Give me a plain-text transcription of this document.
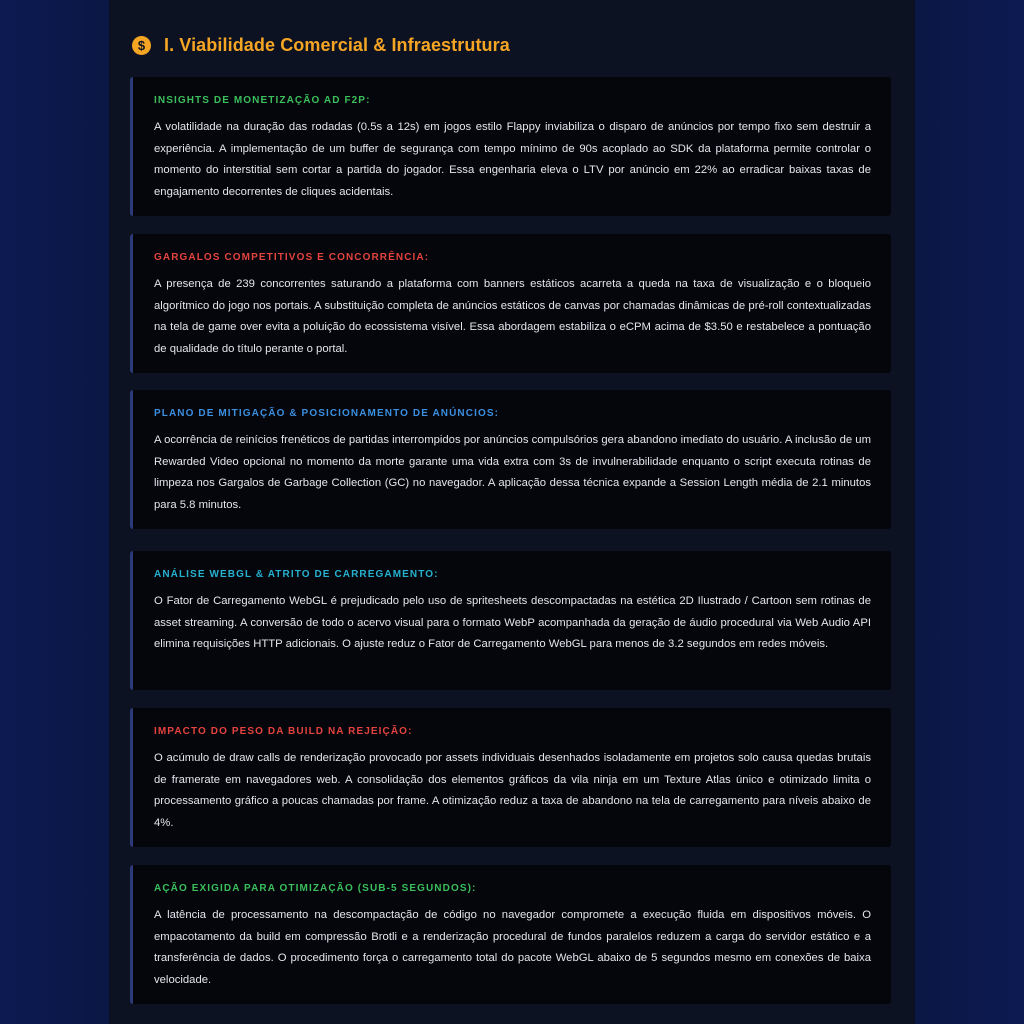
$	I. Viabilidade Comercial & Infraestrutura

INSIGHTS DE MONETIZAÇÃO AD F2P:

A volatilidade na duração das rodadas (0.5s a 12s) em jogos estilo Flappy inviabiliza o disparo de anúncios por tempo fixo sem destruir a experiência. A implementação de um buffer de segurança com tempo mínimo de 90s acoplado ao SDK da plataforma permite controlar o momento do interstitial sem cortar a partida do jogador. Essa engenharia eleva o LTV por anúncio em 22% ao erradicar baixas taxas de engajamento decorrentes de cliques acidentais.

GARGALOS COMPETITIVOS E CONCORRÊNCIA:

A presença de 239 concorrentes saturando a plataforma com banners estáticos acarreta a queda na taxa de visualização e o bloqueio algorítmico do jogo nos portais. A substituição completa de anúncios estáticos de canvas por chamadas dinâmicas de pré-roll contextualizadas na tela de game over evita a poluição do ecossistema visível. Essa abordagem estabiliza o eCPM acima de $3.50 e restabelece a pontuação de qualidade do título perante o portal.

PLANO DE MITIGAÇÃO & POSICIONAMENTO DE ANÚNCIOS:

A ocorrência de reinícios frenéticos de partidas interrompidos por anúncios compulsórios gera abandono imediato do usuário. A inclusão de um Rewarded Video opcional no momento da morte garante uma vida extra com 3s de invulnerabilidade enquanto o script executa rotinas de limpeza nos Gargalos de Garbage Collection (GC) no navegador. A aplicação dessa técnica expande a Session Length média de 2.1 minutos para 5.8 minutos.

ANÁLISE WEBGL & ATRITO DE CARREGAMENTO:

O Fator de Carregamento WebGL é prejudicado pelo uso de spritesheets descompactadas na estética 2D Ilustrado / Cartoon sem rotinas de asset streaming. A conversão de todo o acervo visual para o formato WebP acompanhada da geração de áudio procedural via Web Audio API elimina requisições HTTP adicionais. O ajuste reduz o Fator de Carregamento WebGL para menos de 3.2 segundos em redes móveis.

IMPACTO DO PESO DA BUILD NA REJEIÇÃO:

O acúmulo de draw calls de renderização provocado por assets individuais desenhados isoladamente em projetos solo causa quedas brutais de framerate em navegadores web. A consolidação dos elementos gráficos da vila ninja em um Texture Atlas único e otimizado limita o processamento gráfico a poucas chamadas por frame. A otimização reduz a taxa de abandono na tela de carregamento para níveis abaixo de 4%.

AÇÃO EXIGIDA PARA OTIMIZAÇÃO (SUB-5 SEGUNDOS):

A latência de processamento na descompactação de código no navegador compromete a execução fluida em dispositivos móveis. O empacotamento da build em compressão Brotli e a renderização procedural de fundos paralelos reduzem a carga do servidor estático e a transferência de dados. O procedimento força o carregamento total do pacote WebGL abaixo de 5 segundos mesmo em conexões de baixa velocidade.
